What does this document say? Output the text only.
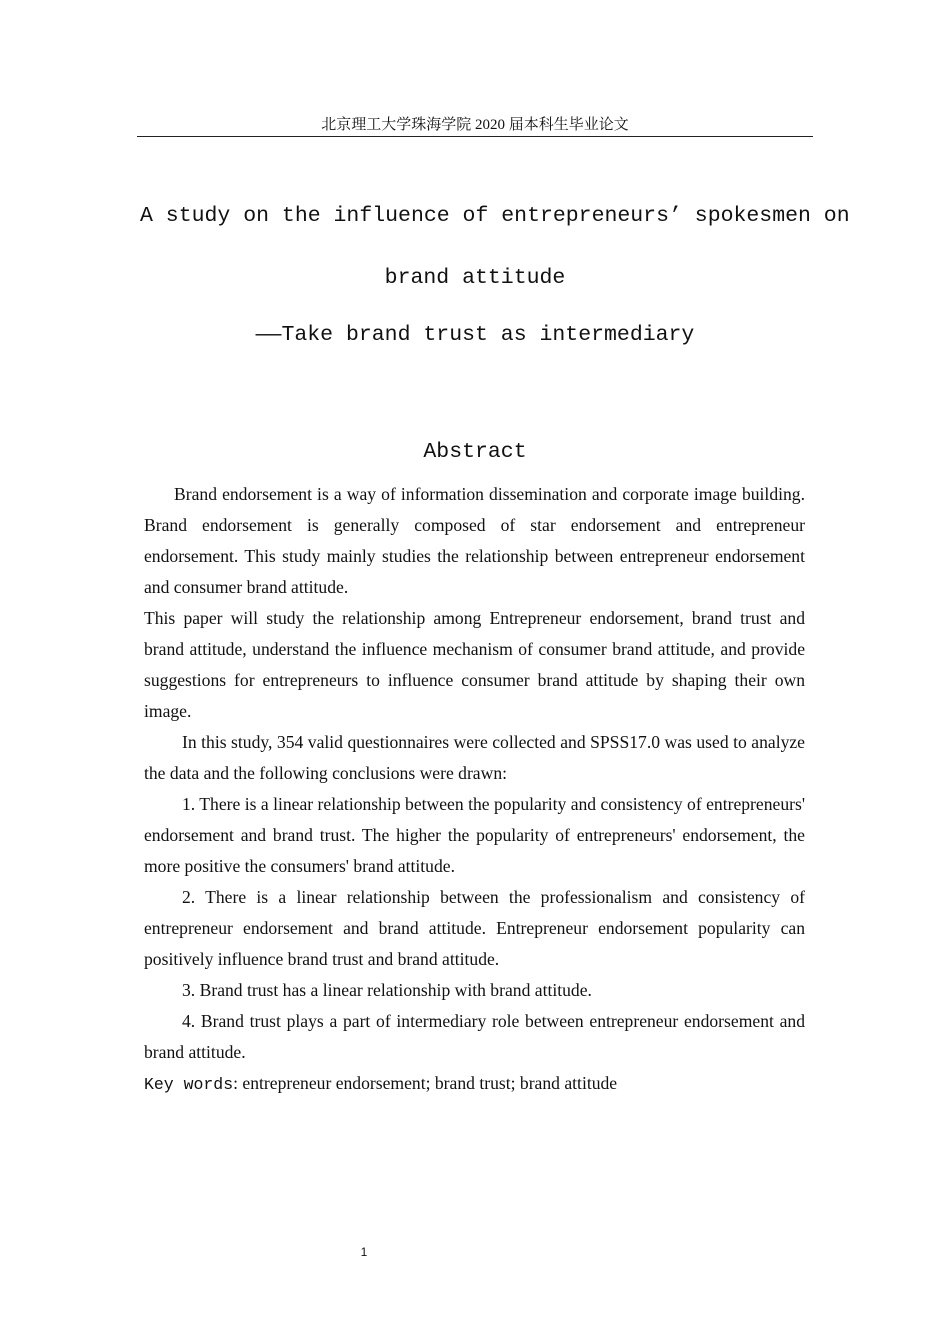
北京理工大学珠海学院 2020 届本科生毕业论文
A study on the influence of entrepreneurs’ spokesmen on
brand attitude
——Take brand trust as intermediary
Abstract

Brand endorsement is a way of information dissemination and corporate image building. Brand endorsement is generally composed of star endorsement and entrepreneur endorsement. This study mainly studies the relationship between entrepreneur endorsement and consumer brand attitude.

This paper will study the relationship among Entrepreneur endorsement, brand trust and brand attitude, understand the influence mechanism of consumer brand attitude, and provide suggestions for entrepreneurs to influence consumer brand attitude by shaping their own image.

In this study, 354 valid questionnaires were collected and SPSS17.0 was used to analyze the data and the following conclusions were drawn:

1. There is a linear relationship between the popularity and consistency of entrepreneurs' endorsement and brand trust. The higher the popularity of entrepreneurs' endorsement, the more positive the consumers' brand attitude.

2. There is a linear relationship between the professionalism and consistency of entrepreneur endorsement and brand attitude. Entrepreneur endorsement popularity can positively influence brand trust and brand attitude.

3. Brand trust has a linear relationship with brand attitude.

4. Brand trust plays a part of intermediary role between entrepreneur endorsement and brand attitude.

Key words: entrepreneur endorsement; brand trust; brand attitude

1
